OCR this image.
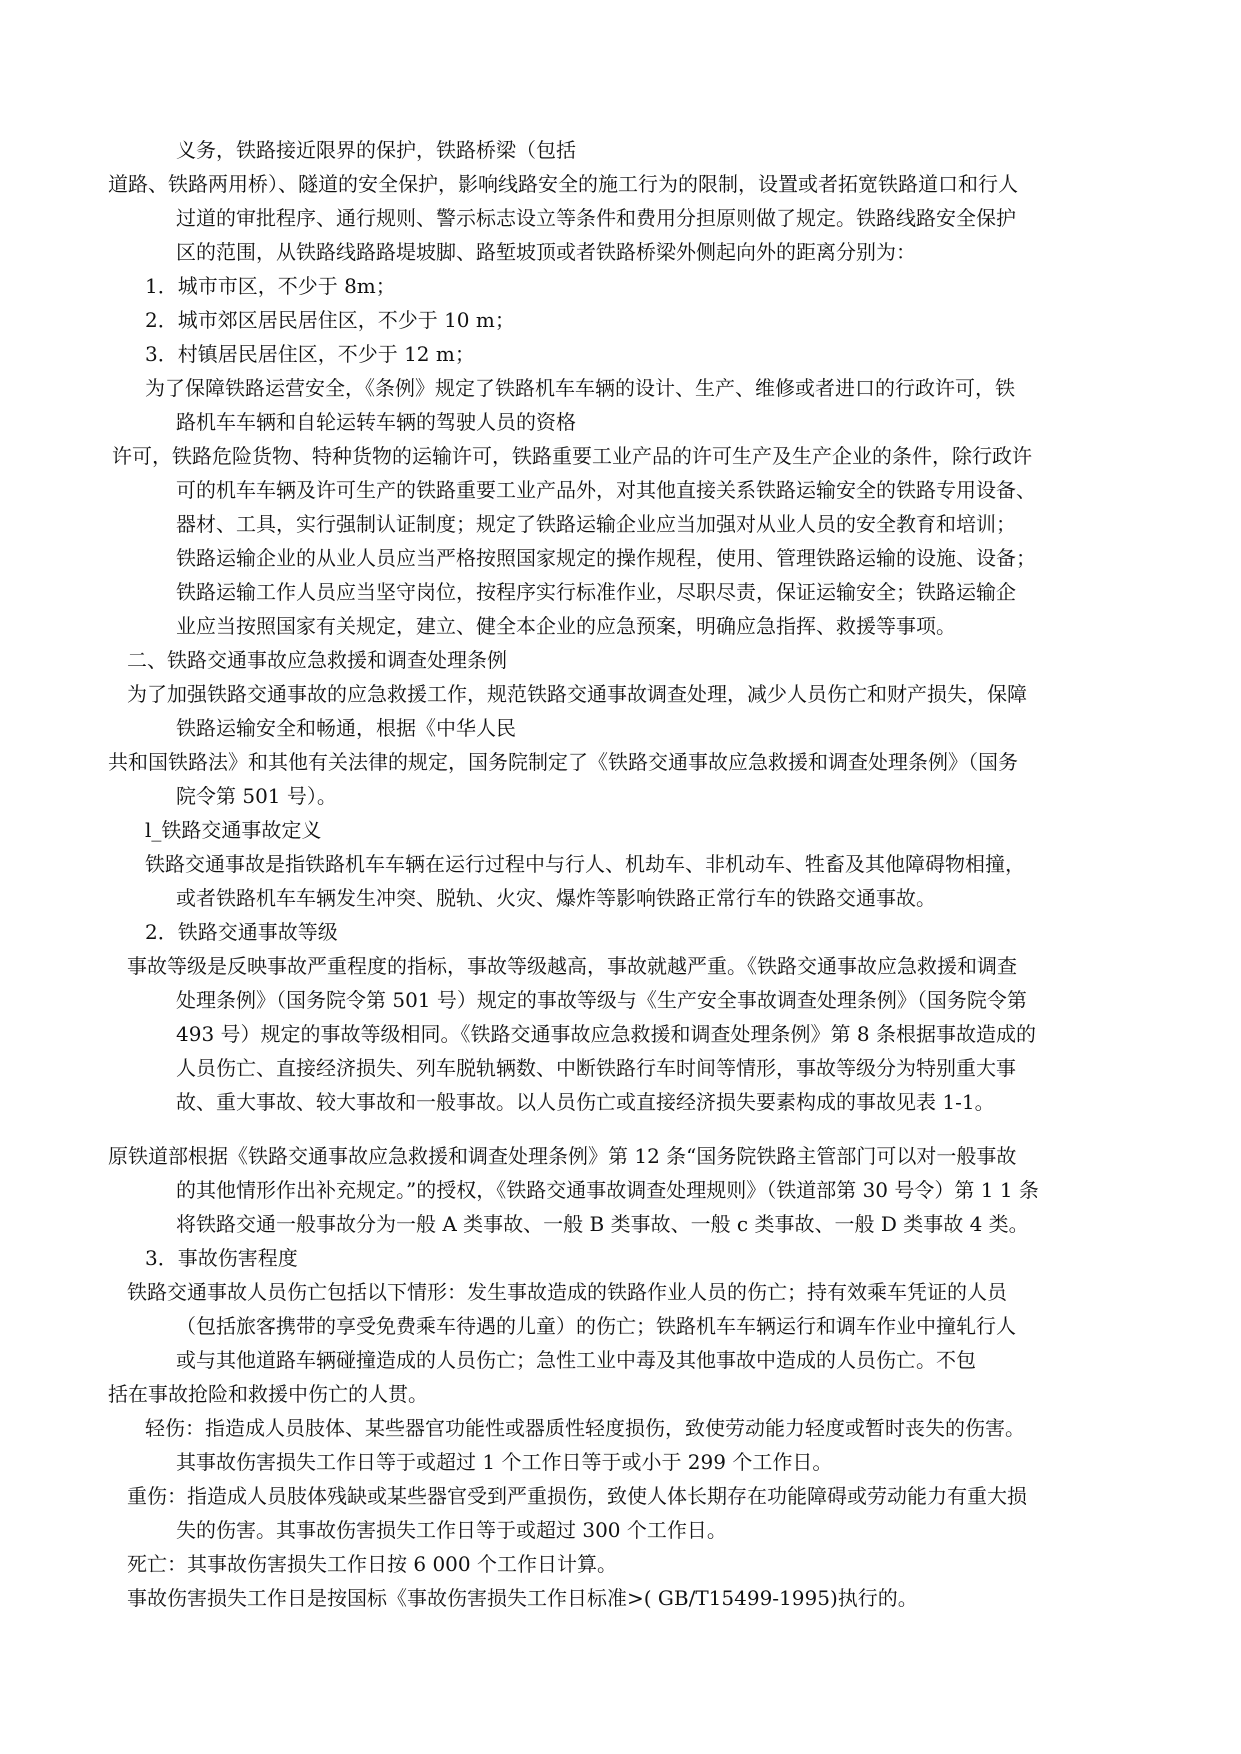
义务，铁路接近限界的保护，铁路桥梁（包括
道路、铁路两用桥）、隧道的安全保护，影响线路安全的施工行为的限制，设置或者拓宽铁路道口和行人
过道的审批程序、通行规则、警示标志设立等条件和费用分担原则做了规定。铁路线路安全保护
区的范围，从铁路线路路堤坡脚、路堑坡顶或者铁路桥梁外侧起向外的距离分别为：
1．城市市区，不少于 8m；
2．城市郊区居民居住区，不少于 10 m；
3．村镇居民居住区，不少于 12 m；
为了保障铁路运营安全，《条例》规定了铁路机车车辆的设计、生产、维修或者进口的行政许可，铁
路机车车辆和自轮运转车辆的驾驶人员的资格
许可，铁路危险货物、特种货物的运输许可，铁路重要工业产品的许可生产及生产企业的条件，除行政许
可的机车车辆及许可生产的铁路重要工业产品外，对其他直接关系铁路运输安全的铁路专用设备、
器材、工具，实行强制认证制度；规定了铁路运输企业应当加强对从业人员的安全教育和培训；
铁路运输企业的从业人员应当严格按照国家规定的操作规程，使用、管理铁路运输的设施、设备；
铁路运输工作人员应当坚守岗位，按程序实行标准作业，尽职尽责，保证运输安全；铁路运输企
业应当按照国家有关规定，建立、健全本企业的应急预案，明确应急指挥、救援等事项。
二、铁路交通事故应急救援和调查处理条例
为了加强铁路交通事故的应急救援工作，规范铁路交通事故调查处理，减少人员伤亡和财产损失，保障
铁路运输安全和畅通，根据《中华人民
共和国铁路法》和其他有关法律的规定，国务院制定了《铁路交通事故应急救援和调查处理条例》（国务
院令第 501 号）。
l_铁路交通事故定义
铁路交通事故是指铁路机车车辆在运行过程中与行人、机劫车、非机动车、牲畜及其他障碍物相撞，
或者铁路机车车辆发生冲突、脱轨、火灾、爆炸等影响铁路正常行车的铁路交通事故。
2．铁路交通事故等级
事故等级是反映事故严重程度的指标，事故等级越高，事故就越严重。《铁路交通事故应急救援和调查
处理条例》（国务院令第 501 号）规定的事故等级与《生产安全事故调查处理条例》（国务院令第
493 号）规定的事故等级相同。《铁路交通事故应急救援和调查处理条例》第 8 条根据事故造成的
人员伤亡、直接经济损失、列车脱轨辆数、中断铁路行车时间等情形，事故等级分为特别重大事
故、重大事故、较大事故和一般事故。以人员伤亡或直接经济损失要素构成的事故见表 1-1。
原铁道部根据《铁路交通事故应急救援和调查处理条例》第 12 条“国务院铁路主管部门可以对一般事故
的其他情形作出补充规定。”的授权，《铁路交通事故调查处理规则》（铁道部第 30 号令）第 1 1 条
将铁路交通一般事故分为一般 A 类事故、一般 B 类事故、一般 c 类事故、一般 D 类事故 4 类。
3．事故伤害程度
铁路交通事故人员伤亡包括以下情形：发生事故造成的铁路作业人员的伤亡；持有效乘车凭证的人员
（包括旅客携带的享受免费乘车待遇的儿童）的伤亡；铁路机车车辆运行和调车作业中撞轧行人
或与其他道路车辆碰撞造成的人员伤亡；急性工业中毒及其他事故中造成的人员伤亡。不包
括在事故抢险和救援中伤亡的人贯。
轻伤：指造成人员肢体、某些器官功能性或器质性轻度损伤，致使劳动能力轻度或暂时丧失的伤害。
其事故伤害损失工作日等于或超过 1 个工作日等于或小于 299 个工作日。
重伤：指造成人员肢体残缺或某些器官受到严重损伤，致使人体长期存在功能障碍或劳动能力有重大损
失的伤害。其事故伤害损失工作日等于或超过 300 个工作日。
死亡：其事故伤害损失工作日按 6 000 个工作日计算。
事故伤害损失工作日是按国标《事故伤害损失工作日标准>( GB/T15499-1995)执行的。
